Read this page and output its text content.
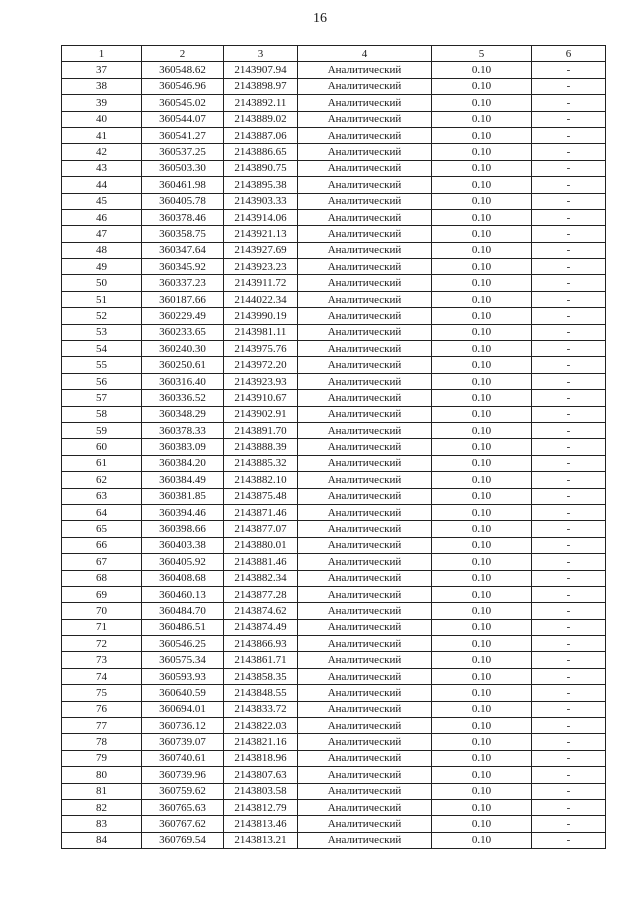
16
1	2	3	4	5	6
37	360548.62	2143907.94	Аналитический	0.10	-
38	360546.96	2143898.97	Аналитический	0.10	-
39	360545.02	2143892.11	Аналитический	0.10	-
40	360544.07	2143889.02	Аналитический	0.10	-
41	360541.27	2143887.06	Аналитический	0.10	-
42	360537.25	2143886.65	Аналитический	0.10	-
43	360503.30	2143890.75	Аналитический	0.10	-
44	360461.98	2143895.38	Аналитический	0.10	-
45	360405.78	2143903.33	Аналитический	0.10	-
46	360378.46	2143914.06	Аналитический	0.10	-
47	360358.75	2143921.13	Аналитический	0.10	-
48	360347.64	2143927.69	Аналитический	0.10	-
49	360345.92	2143923.23	Аналитический	0.10	-
50	360337.23	2143911.72	Аналитический	0.10	-
51	360187.66	2144022.34	Аналитический	0.10	-
52	360229.49	2143990.19	Аналитический	0.10	-
53	360233.65	2143981.11	Аналитический	0.10	-
54	360240.30	2143975.76	Аналитический	0.10	-
55	360250.61	2143972.20	Аналитический	0.10	-
56	360316.40	2143923.93	Аналитический	0.10	-
57	360336.52	2143910.67	Аналитический	0.10	-
58	360348.29	2143902.91	Аналитический	0.10	-
59	360378.33	2143891.70	Аналитический	0.10	-
60	360383.09	2143888.39	Аналитический	0.10	-
61	360384.20	2143885.32	Аналитический	0.10	-
62	360384.49	2143882.10	Аналитический	0.10	-
63	360381.85	2143875.48	Аналитический	0.10	-
64	360394.46	2143871.46	Аналитический	0.10	-
65	360398.66	2143877.07	Аналитический	0.10	-
66	360403.38	2143880.01	Аналитический	0.10	-
67	360405.92	2143881.46	Аналитический	0.10	-
68	360408.68	2143882.34	Аналитический	0.10	-
69	360460.13	2143877.28	Аналитический	0.10	-
70	360484.70	2143874.62	Аналитический	0.10	-
71	360486.51	2143874.49	Аналитический	0.10	-
72	360546.25	2143866.93	Аналитический	0.10	-
73	360575.34	2143861.71	Аналитический	0.10	-
74	360593.93	2143858.35	Аналитический	0.10	-
75	360640.59	2143848.55	Аналитический	0.10	-
76	360694.01	2143833.72	Аналитический	0.10	-
77	360736.12	2143822.03	Аналитический	0.10	-
78	360739.07	2143821.16	Аналитический	0.10	-
79	360740.61	2143818.96	Аналитический	0.10	-
80	360739.96	2143807.63	Аналитический	0.10	-
81	360759.62	2143803.58	Аналитический	0.10	-
82	360765.63	2143812.79	Аналитический	0.10	-
83	360767.62	2143813.46	Аналитический	0.10	-
84	360769.54	2143813.21	Аналитический	0.10	-
